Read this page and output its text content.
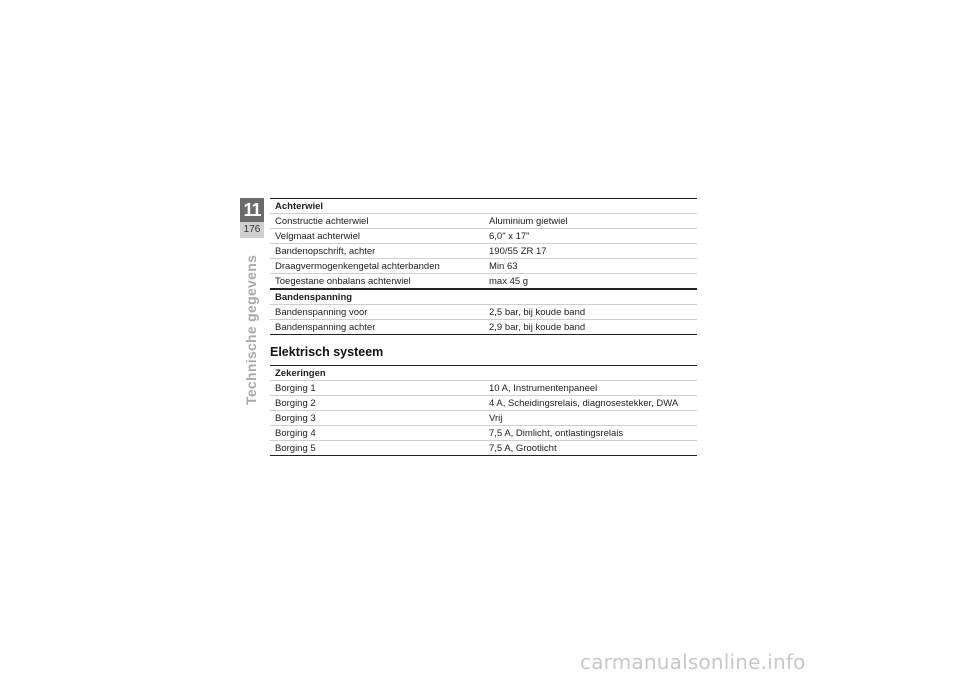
11
176
Technische gegevens
Achterwiel	
Constructie achterwiel	Aluminium gietwiel
Velgmaat achterwiel	6,0" x 17"
Bandenopschrift, achter	190/55 ZR 17
Draagvermogenkengetal achterbanden	Min 63
Toegestane onbalans achterwiel	max 45 g
Bandenspanning	
Bandenspanning voor	2,5 bar, bij koude band
Bandenspanning achter	2,9 bar, bij koude band
Elektrisch systeem
Zekeringen	
Borging 1	10 A, Instrumentenpaneel
Borging 2	4 A, Scheidingsrelais, diagnosestekker, DWA
Borging 3	Vrij
Borging 4	7,5 A, Dimlicht, ontlastingsrelais
Borging 5	7,5 A, Grootlicht
carmanualsonline.info
